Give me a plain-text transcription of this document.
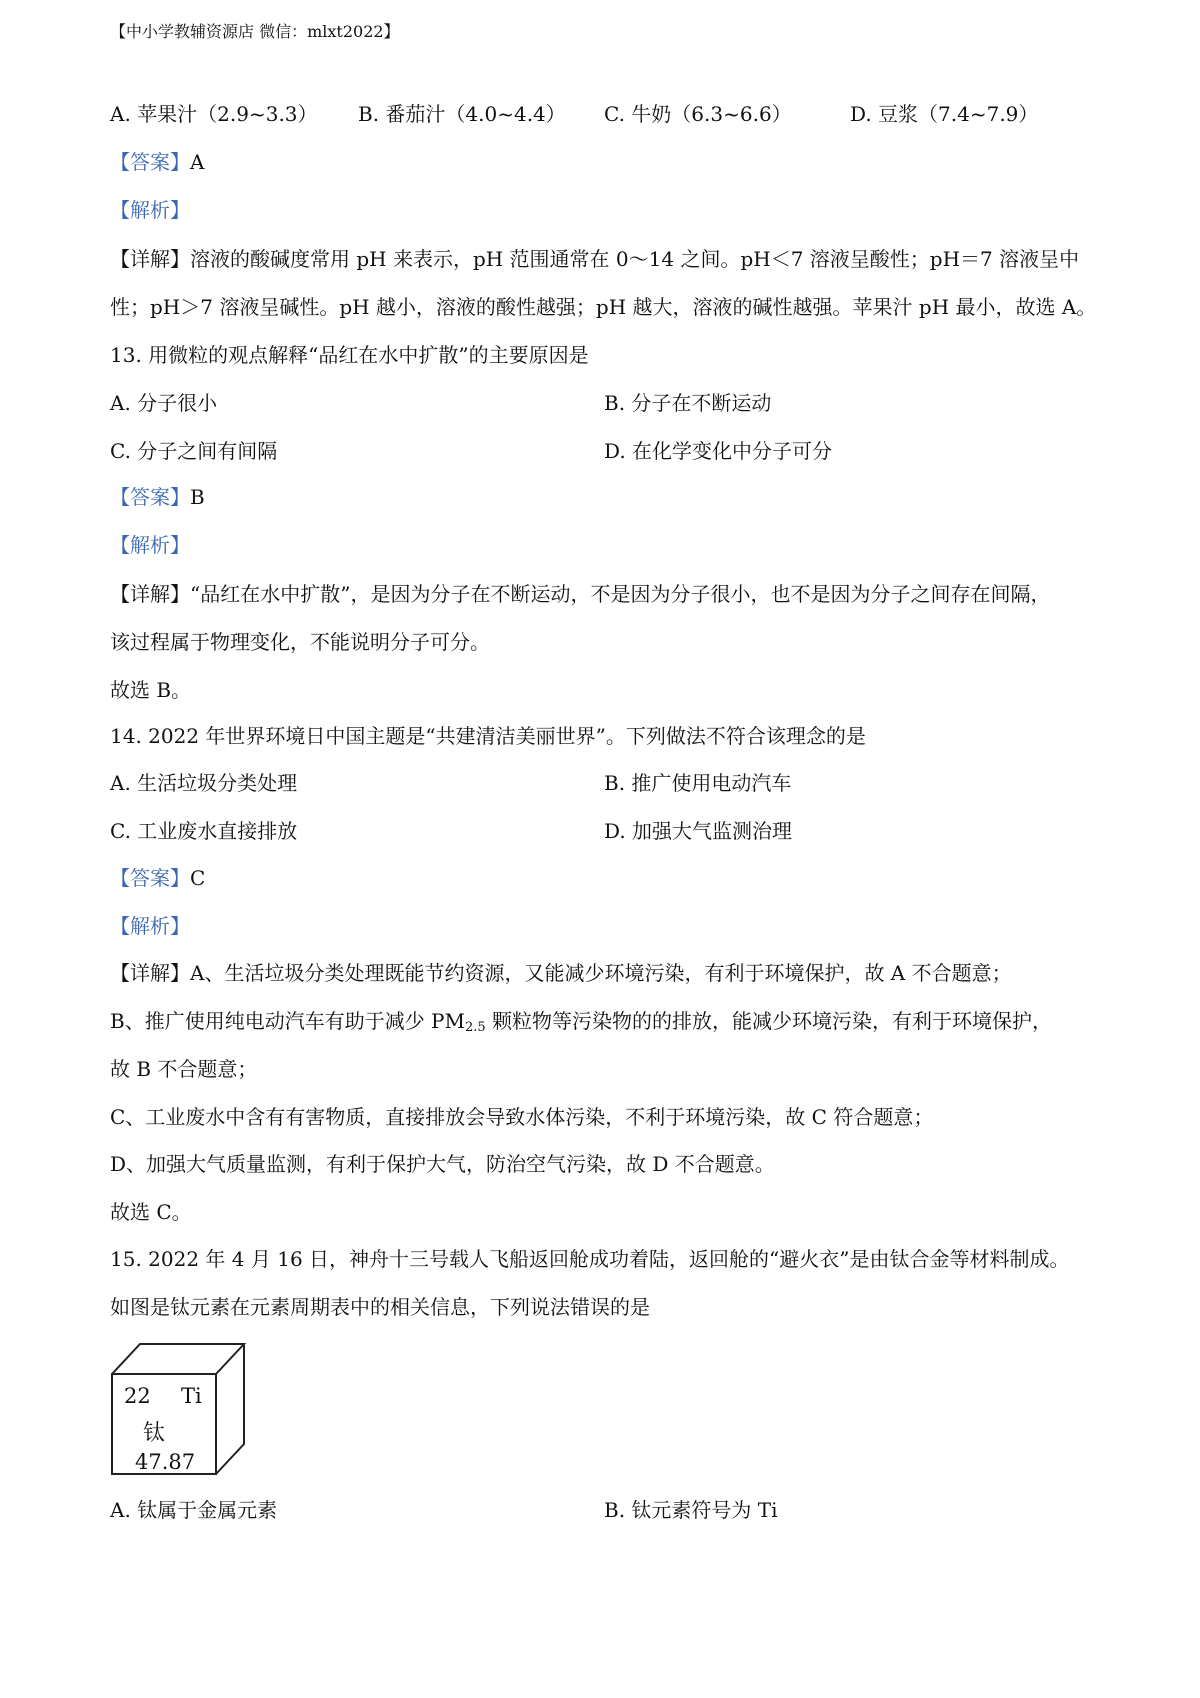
【中小学教辅资源店 微信：mlxt2022】
A. 苹果汁（2.9~3.3） B. 番茄汁（4.0~4.4） C. 牛奶（6.3~6.6）	D. 豆浆（7.4~7.9）
【答案】A
【解析】
【详解】溶液的酸碱度常用 pH 来表示，pH 范围通常在 0～14 之间。pH＜7 溶液呈酸性；pH＝7 溶液呈中
性；pH＞7 溶液呈碱性。pH 越小，溶液的酸性越强；pH 越大，溶液的碱性越强。苹果汁 pH 最小，故选 A。
13. 用微粒的观点解释“品红在水中扩散”的主要原因是
A. 分子很小	B. 分子在不断运动
C. 分子之间有间隔	D. 在化学变化中分子可分
【答案】B
【解析】
【详解】“品红在水中扩散”，是因为分子在不断运动，不是因为分子很小，也不是因为分子之间存在间隔，
该过程属于物理变化，不能说明分子可分。
故选 B。
14. 2022 年世界环境日中国主题是“共建清洁美丽世界”。下列做法不符合该理念的是
A. 生活垃圾分类处理	B. 推广使用电动汽车
C. 工业废水直接排放	D. 加强大气监测治理
【答案】C
【解析】
【详解】A、生活垃圾分类处理既能节约资源，又能减少环境污染，有利于环境保护，故 A 不合题意；
B、推广使用纯电动汽车有助于减少 $PM_{2.5}$ 颗粒物等污染物的的排放，能减少环境污染，有利于环境保护，
故 B 不合题意；
C、工业废水中含有有害物质，直接排放会导致水体污染，不利于环境污染，故 C 符合题意；
D、加强大气质量监测，有利于保护大气，防治空气污染，故 D 不合题意。
故选 C。
15. 2022 年 4 月 16 日，神舟十三号载人飞船返回舱成功着陆，返回舱的“避火衣”是由钛合金等材料制成。
如图是钛元素在元素周期表中的相关信息，下列说法错误的是
22 Ti
钛
47.87
A. 钛属于金属元素	B. 钛元素符号为 Ti
